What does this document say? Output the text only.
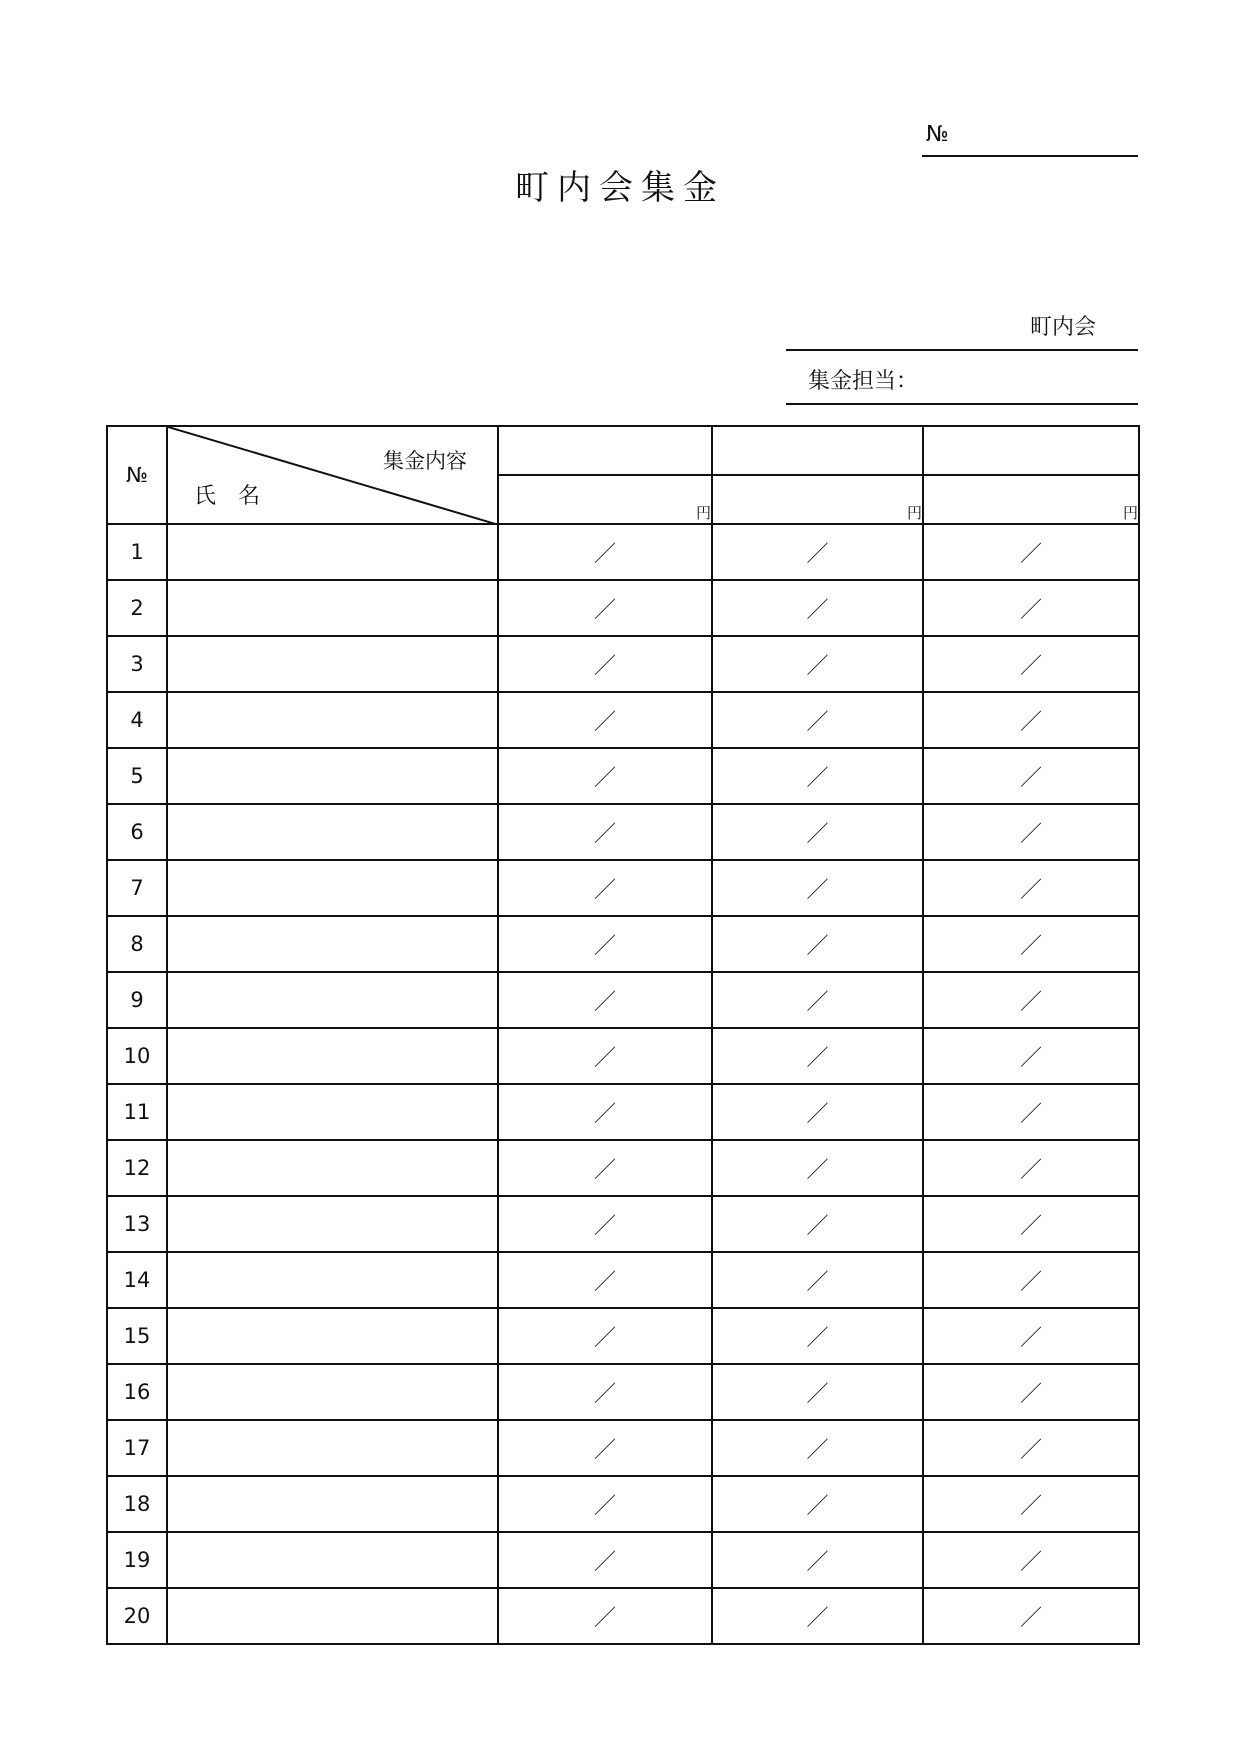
№
町内会集金
町内会
集金担当：
№	集金内容
氏名			

		円	円	円
1		／	／	／
2		／	／	／
3		／	／	／
4		／	／	／
5		／	／	／
6		／	／	／
7		／	／	／
8		／	／	／
9		／	／	／
10		／	／	／
11		／	／	／
12		／	／	／
13		／	／	／
14		／	／	／
15		／	／	／
16		／	／	／
17		／	／	／
18		／	／	／
19		／	／	／
20		／	／	／
